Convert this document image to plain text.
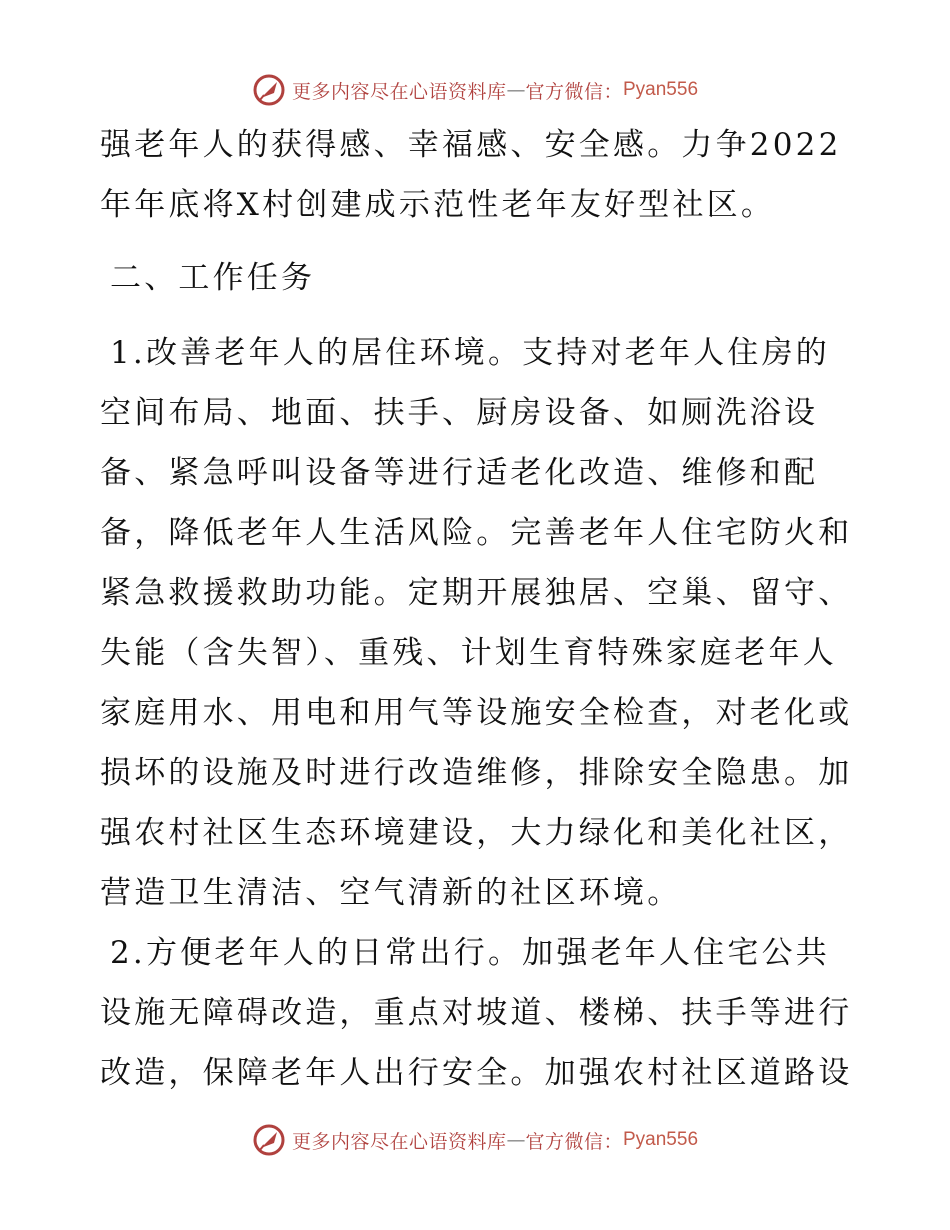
更多内容尽在心语资料库 — 官方微信： Pyan556
强老年人的获得感、幸福感、安全感。力争2022
年年底将X村创建成示范性老年友好型社区。
二、工作任务
1.改善老年人的居住环境。支持对老年人住房的
空间布局、地面、扶手、厨房设备、如厕洗浴设
备、紧急呼叫设备等进行适老化改造、维修和配
备，降低老年人生活风险。完善老年人住宅防火和
紧急救援救助功能。定期开展独居、空巢、留守、
失能（含失智）、重残、计划生育特殊家庭老年人
家庭用水、用电和用气等设施安全检查，对老化或
损坏的设施及时进行改造维修，排除安全隐患。加
强农村社区生态环境建设，大力绿化和美化社区，
营造卫生清洁、空气清新的社区环境。
2.方便老年人的日常出行。加强老年人住宅公共
设施无障碍改造，重点对坡道、楼梯、扶手等进行
改造，保障老年人出行安全。加强农村社区道路设
更多内容尽在心语资料库 — 官方微信： Pyan556
